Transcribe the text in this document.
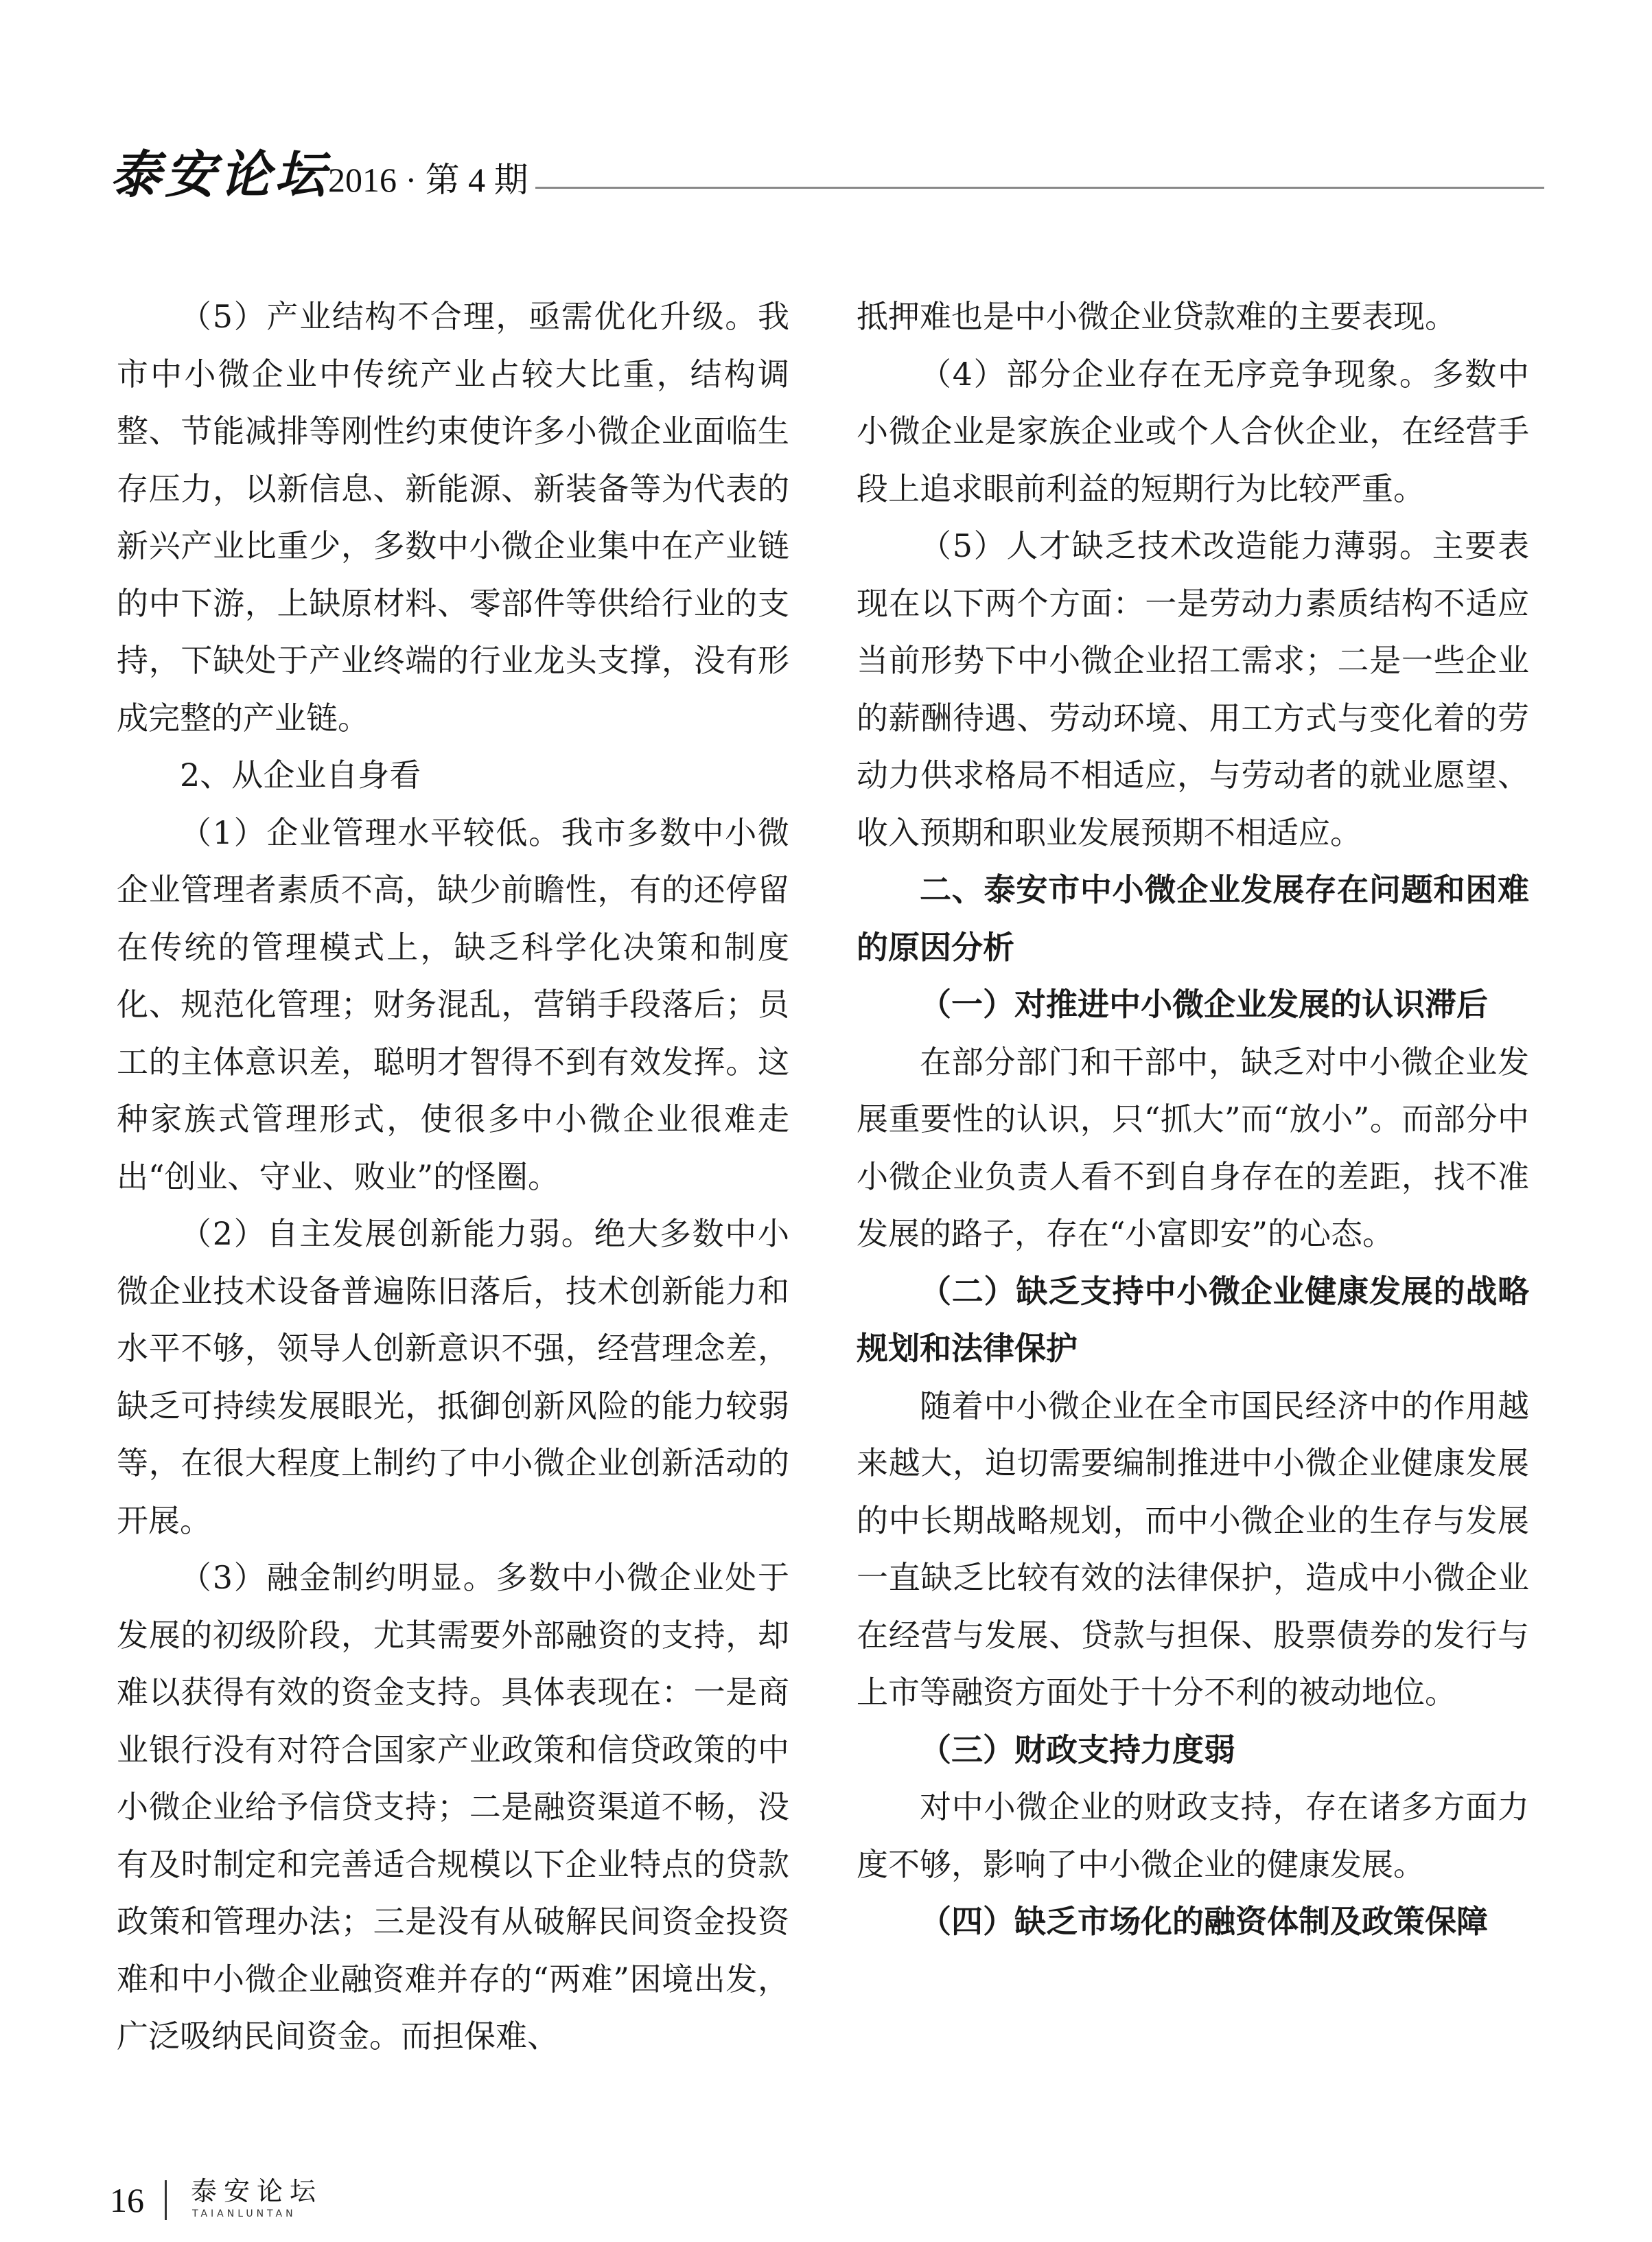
泰安论坛
2016 · 第 4 期

（5）产业结构不合理，亟需优化升级。我市中小微企业中传统产业占较大比重，结构调整、节能减排等刚性约束使许多小微企业面临生存压力，以新信息、新能源、新装备等为代表的新兴产业比重少，多数中小微企业集中在产业链的中下游，上缺原材料、零部件等供给行业的支持，下缺处于产业终端的行业龙头支撑，没有形成完整的产业链。

2、从企业自身看

（1）企业管理水平较低。我市多数中小微企业管理者素质不高，缺少前瞻性，有的还停留在传统的管理模式上，缺乏科学化决策和制度化、规范化管理；财务混乱，营销手段落后；员工的主体意识差，聪明才智得不到有效发挥。这种家族式管理形式，使很多中小微企业很难走出“创业、守业、败业”的怪圈。

（2）自主发展创新能力弱。绝大多数中小微企业技术设备普遍陈旧落后，技术创新能力和水平不够，领导人创新意识不强，经营理念差，缺乏可持续发展眼光，抵御创新风险的能力较弱等，在很大程度上制约了中小微企业创新活动的开展。

（3）融金制约明显。多数中小微企业处于发展的初级阶段，尤其需要外部融资的支持，却难以获得有效的资金支持。具体表现在：一是商业银行没有对符合国家产业政策和信贷政策的中小微企业给予信贷支持；二是融资渠道不畅，没有及时制定和完善适合规模以下企业特点的贷款政策和管理办法；三是没有从破解民间资金投资难和中小微企业融资难并存的“两难”困境出发，广泛吸纳民间资金。而担保难、

抵押难也是中小微企业贷款难的主要表现。

（4）部分企业存在无序竞争现象。多数中小微企业是家族企业或个人合伙企业，在经营手段上追求眼前利益的短期行为比较严重。

（5）人才缺乏技术改造能力薄弱。主要表现在以下两个方面：一是劳动力素质结构不适应当前形势下中小微企业招工需求；二是一些企业的薪酬待遇、劳动环境、用工方式与变化着的劳动力供求格局不相适应，与劳动者的就业愿望、收入预期和职业发展预期不相适应。

二、泰安市中小微企业发展存在问题和困难的原因分析

（一）对推进中小微企业发展的认识滞后

在部分部门和干部中，缺乏对中小微企业发展重要性的认识，只“抓大”而“放小”。而部分中小微企业负责人看不到自身存在的差距，找不准发展的路子，存在“小富即安”的心态。

（二）缺乏支持中小微企业健康发展的战略规划和法律保护

随着中小微企业在全市国民经济中的作用越来越大，迫切需要编制推进中小微企业健康发展的中长期战略规划，而中小微企业的生存与发展一直缺乏比较有效的法律保护，造成中小微企业在经营与发展、贷款与担保、股票债券的发行与上市等融资方面处于十分不利的被动地位。

（三）财政支持力度弱

对中小微企业的财政支持，存在诸多方面力度不够，影响了中小微企业的健康发展。

（四）缺乏市场化的融资体制及政策保障

16 泰安论坛
TAIANLUNTAN
